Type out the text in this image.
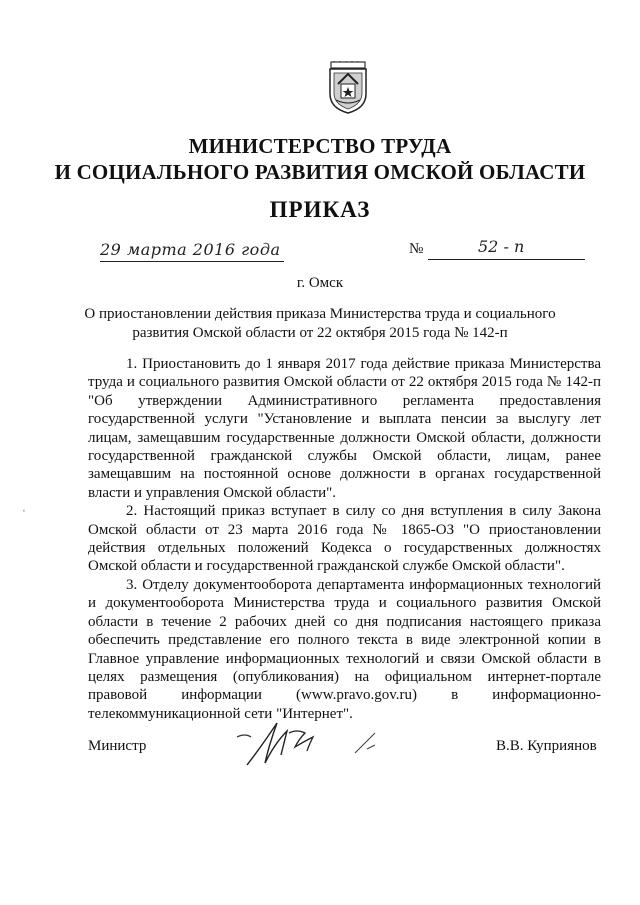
МИНИСТЕРСТВО ТРУДА
И СОЦИАЛЬНОГО РАЗВИТИЯ ОМСКОЙ ОБЛАСТИ
ПРИКАЗ
29 марта 2016 года	№	52 - п
г. Омск
О приостановлении действия приказа Министерства труда и социального развития Омской области от 22 октября 2015 года № 142-п

1. Приостановить до 1 января 2017 года действие приказа Министерства труда и социального развития Омской области от 22 октября 2015 года № 142-п "Об утверждении Административного регламента предоставления государственной услуги "Установление и выплата пенсии за выслугу лет лицам, замещавшим государственные должности Омской области, должности государственной гражданской службы Омской области, лицам, ранее замещавшим на постоянной основе должности в органах государственной власти и управления Омской области".

2. Настоящий приказ вступает в силу со дня вступления в силу Закона Омской области от 23 марта 2016 года № 1865-ОЗ "О приостановлении действия отдельных положений Кодекса о государственных должностях Омской области и государственной гражданской службе Омской области".

3. Отделу документооборота департамента информационных технологий и документооборота Министерства труда и социального развития Омской области в течение 2 рабочих дней со дня подписания настоящего приказа обеспечить представление его полного текста в виде электронной копии в Главное управление информационных технологий и связи Омской области в целях размещения (опубликования) на официальном интернет-портале правовой информации (www.pravo.gov.ru) в информационно-телекоммуникационной сети "Интернет".

ʿ
Министр	В.В. Куприянов
